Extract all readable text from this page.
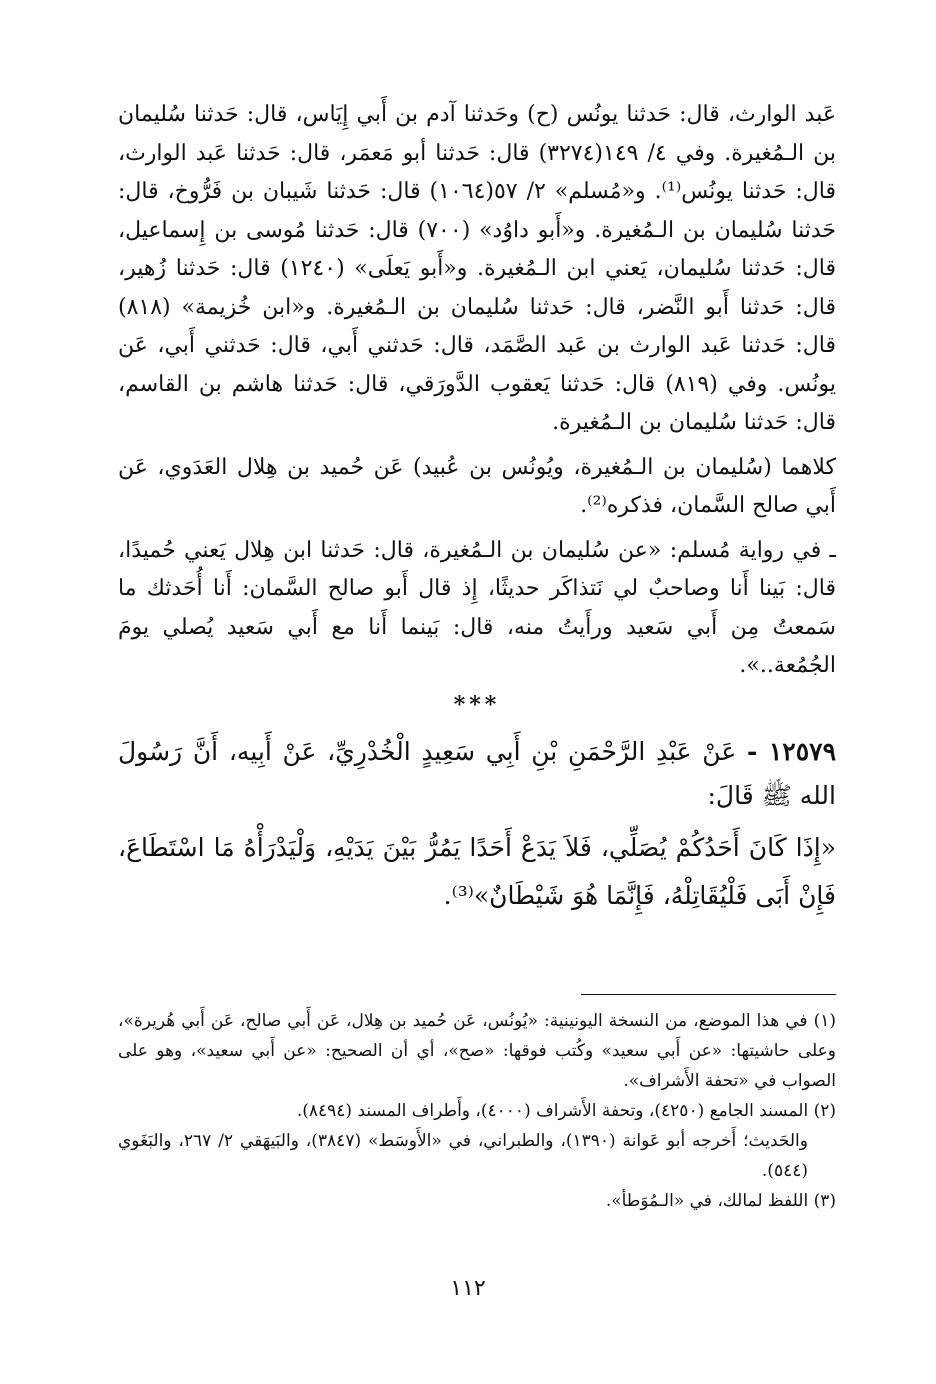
عَبد الوارث، قال: حَدثنا يونُس (ح) وحَدثنا آدم بن أَبي إِيَاس، قال: حَدثنا سُليمان بن الـمُغيرة. وفي ٤/ ١٤٩(٣٢٧٤) قال: حَدثنا أبو مَعمَر، قال: حَدثنا عَبد الوارث، قال: حَدثنا يونُس⁽¹⁾. و«مُسلم» ٢/ ٥٧(١٠٦٤) قال: حَدثنا شَيبان بن فَرُّوخ، قال: حَدثنا سُليمان بن الـمُغيرة. و«أَبو داوُد» (٧٠٠) قال: حَدثنا مُوسى بن إِسماعيل، قال: حَدثنا سُليمان، يَعني ابن الـمُغيرة. و«أَبو يَعلَى» (١٢٤٠) قال: حَدثنا زُهير، قال: حَدثنا أَبو النَّضر، قال: حَدثنا سُليمان بن الـمُغيرة. و«ابن خُزيمة» (٨١٨) قال: حَدثنا عَبد الوارث بن عَبد الصَّمَد، قال: حَدثني أَبي، قال: حَدثني أَبي، عَن يونُس. وفي (٨١٩) قال: حَدثنا يَعقوب الدَّورَقي، قال: حَدثنا هاشم بن القاسم، قال: حَدثنا سُليمان بن الـمُغيرة.

كلاهما (سُليمان بن الـمُغيرة، ويُونُس بن عُبيد) عَن حُميد بن هِلال العَدَوي، عَن أَبي صالح السَّمان، فذكره⁽²⁾.

ـ في رواية مُسلم: «عن سُليمان بن الـمُغيرة، قال: حَدثنا ابن هِلال يَعني حُميدًا، قال: بَينا أَنا وصاحبٌ لي نَتذاكَر حديثًا، إِذ قال أَبو صالح السَّمان: أَنا أُحَدثك ما سَمعتُ مِن أَبي سَعيد ورأَيتُ منه، قال: بَينما أَنا مع أَبي سَعيد يُصلي يومَ الجُمُعة..».

***

١٢٥٧٩ - عَنْ عَبْدِ الرَّحْمَنِ بْنِ أَبِي سَعِيدٍ الْخُدْرِيِّ، عَنْ أَبِيه، أَنَّ رَسُولَ الله ﷺ قَالَ:

«إِذَا كَانَ أَحَدُكُمْ يُصَلِّي، فَلاَ يَدَعْ أَحَدًا يَمُرُّ بَيْنَ يَدَيْهِ، وَلْيَدْرَأْهُ مَا اسْتَطَاعَ، فَإِنْ أَبَى فَلْيُقَاتِلْهُ، فَإِنَّمَا هُوَ شَيْطَانٌ»⁽³⁾.

(١) في هذا الموضع، من النسخة اليونينية: «يُونُس، عَن حُميد بن هِلال، عَن أَبي صالح، عَن أَبي هُريرة»، وعلى حاشيتها: «عن أَبي سعيد» وكُتب فوقها: «صح»، أي أن الصحيح: «عن أَبي سعيد»، وهو على الصواب في «تحفة الأَشراف».

(٢) المسند الجامع (٤٢٥٠)، وتحفة الأَشراف (٤٠٠٠)، وأَطراف المسند (٨٤٩٤).

والحَديث؛ أَخرجه أبو عَوانة (١٣٩٠)، والطبراني، في «الأَوسَط» (٣٨٤٧)، والبَيهَقي ٢/ ٢٦٧، والبَغَوي (٥٤٤).

(٣) اللفظ لمالك، في «الـمُوَطأ».

١١٢
